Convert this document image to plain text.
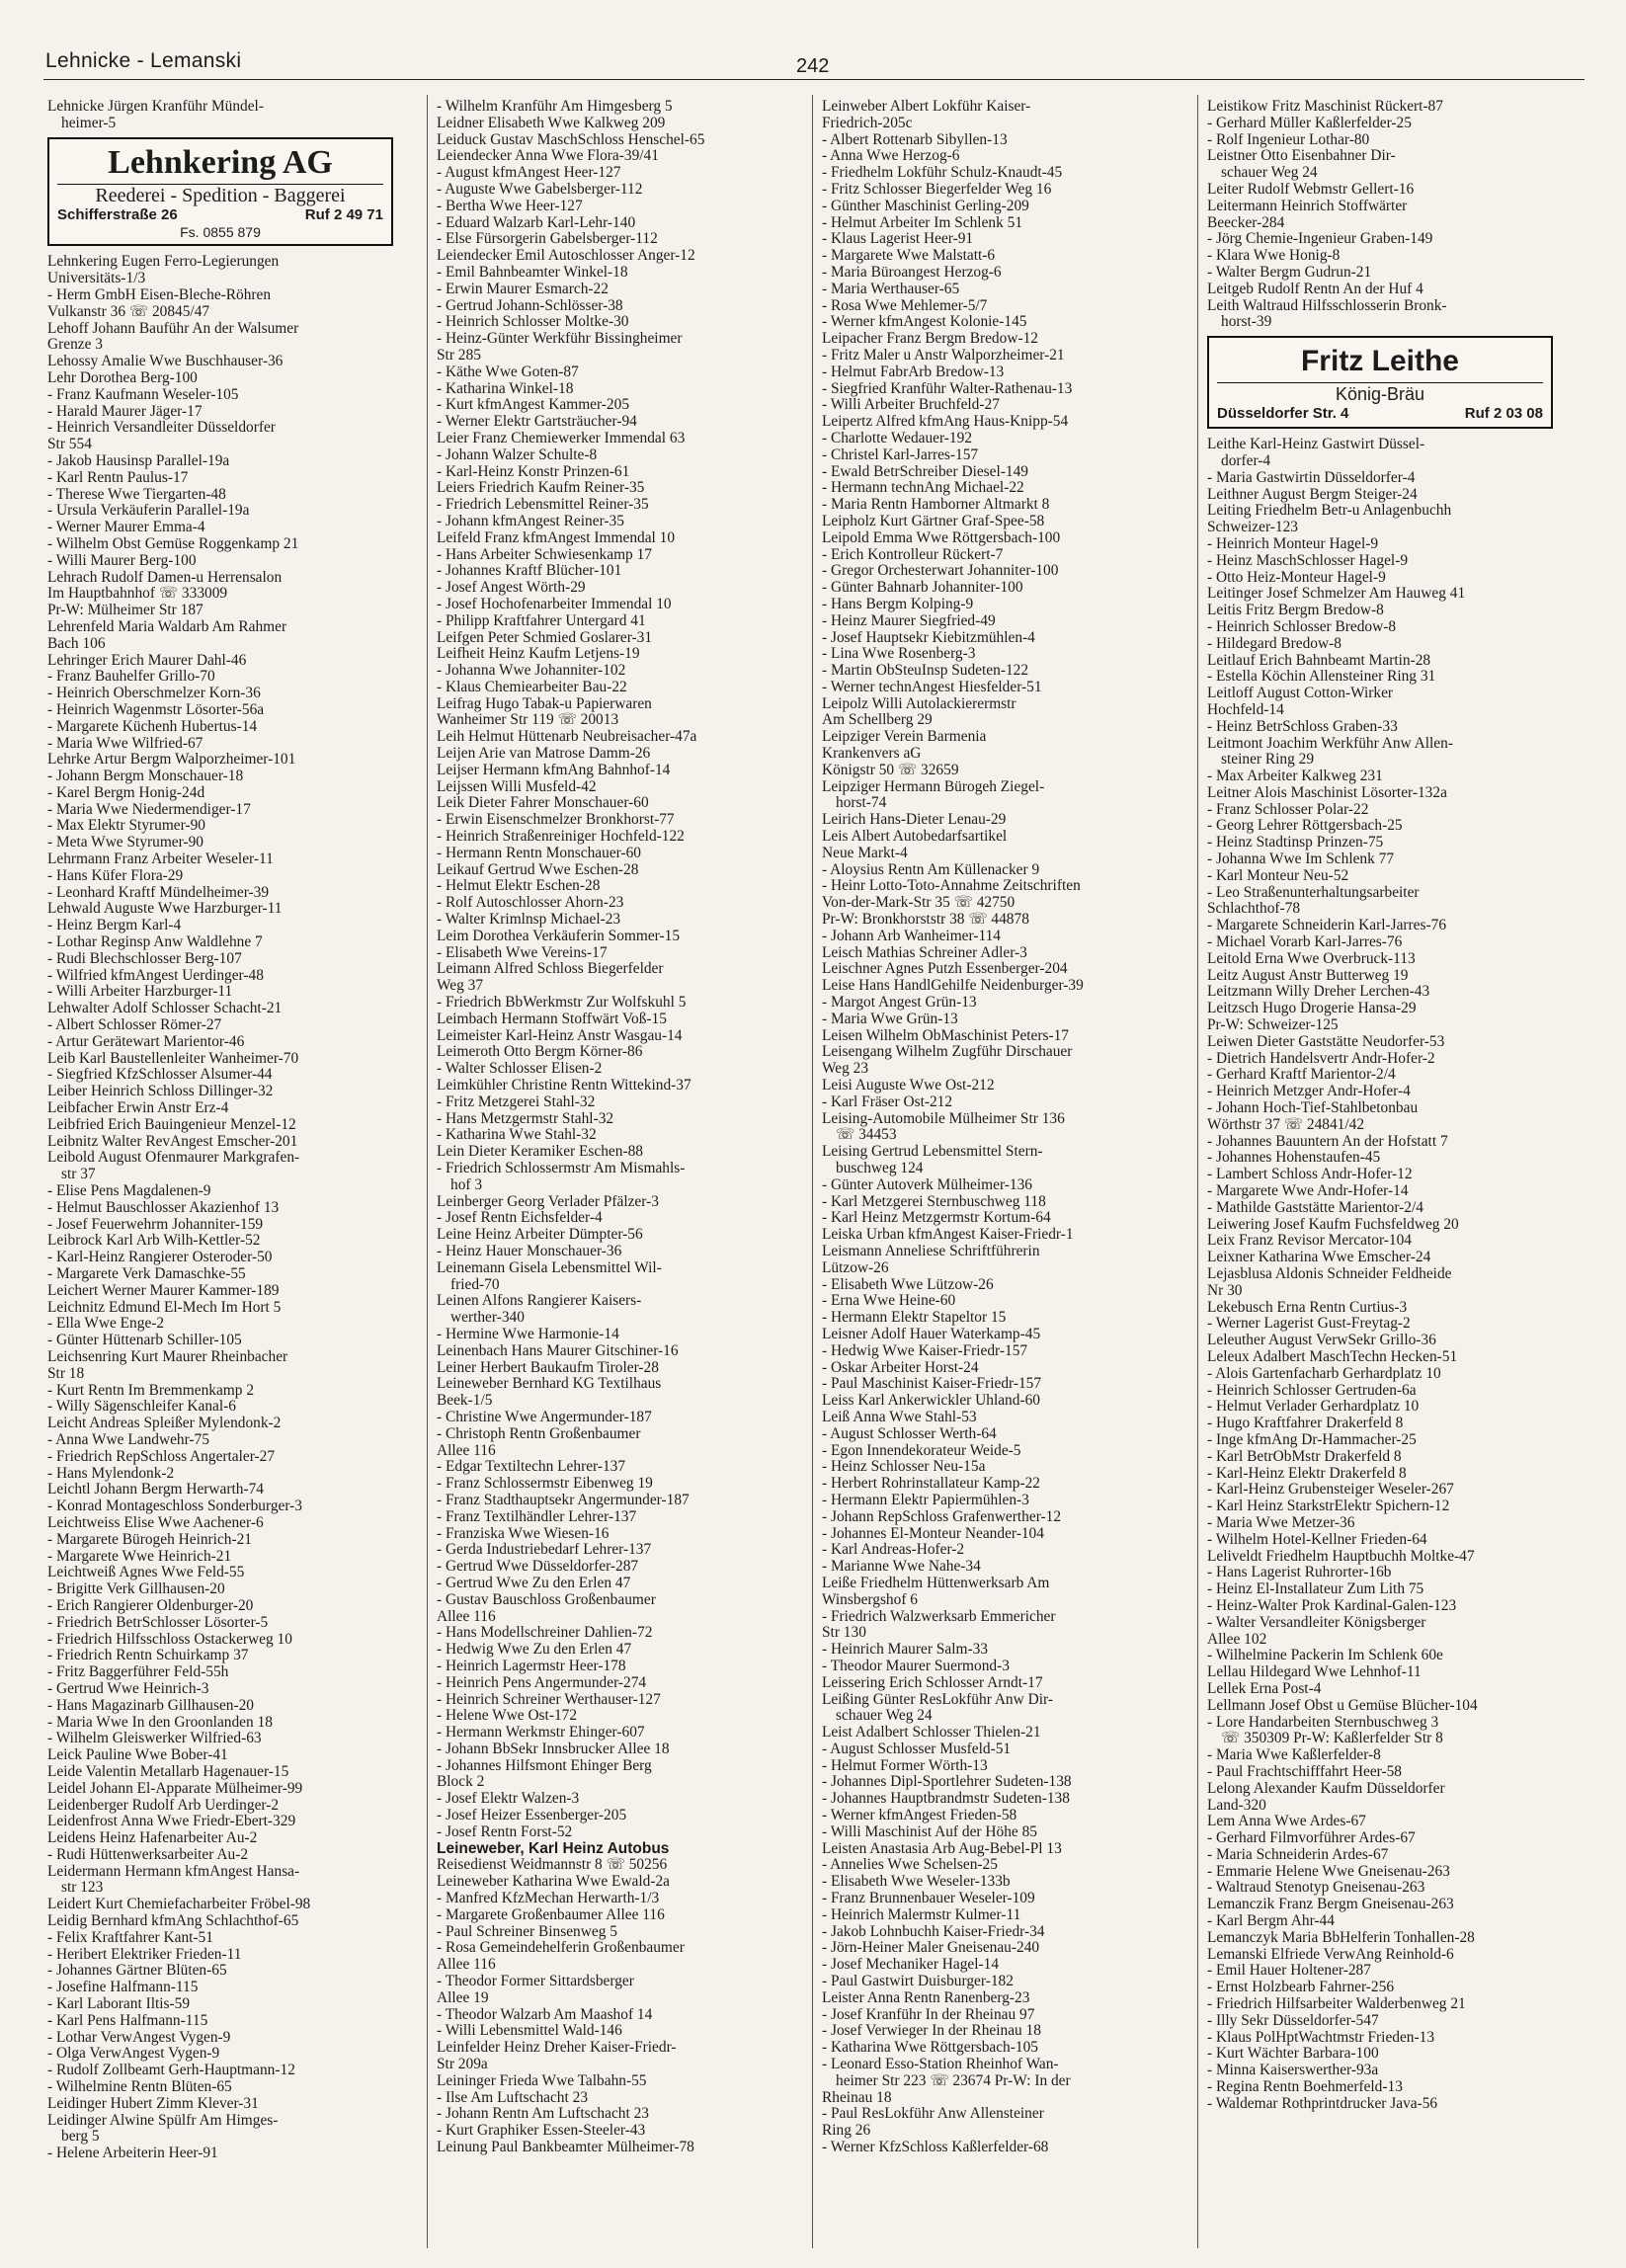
Lehnicke - Lemanski	242
Lehnicke Jürgen Kranführ Mündel-
heimer-5
Lehnkering AG
Reederei - Spedition - Baggerei
Schifferstraße 26	Ruf 2 49 71
Fs. 0855 879
Lehnkering Eugen Ferro-Legierungen
Universitäts-1/3
- Herm GmbH Eisen-Bleche-Röhren
Vulkanstr 36 ☏ 20845/47
Lehoff Johann Bauführ An der Walsumer
Grenze 3
Lehossy Amalie Wwe Buschhauser-36
Lehr Dorothea Berg-100
- Franz Kaufmann Weseler-105
- Harald Maurer Jäger-17
- Heinrich Versandleiter Düsseldorfer
Str 554
- Jakob Hausinsp Parallel-19a
- Karl Rentn Paulus-17
- Therese Wwe Tiergarten-48
- Ursula Verkäuferin Parallel-19a
- Werner Maurer Emma-4
- Wilhelm Obst Gemüse Roggenkamp 21
- Willi Maurer Berg-100
Lehrach Rudolf Damen-u Herrensalon
Im Hauptbahnhof ☏ 333009
Pr-W: Mülheimer Str 187
Lehrenfeld Maria Waldarb Am Rahmer
Bach 106
Lehringer Erich Maurer Dahl-46
- Franz Bauhelfer Grillo-70
- Heinrich Oberschmelzer Korn-36
- Heinrich Wagenmstr Lösorter-56a
- Margarete Küchenh Hubertus-14
- Maria Wwe Wilfried-67
Lehrke Artur Bergm Walporzheimer-101
- Johann Bergm Monschauer-18
- Karel Bergm Honig-24d
- Maria Wwe Niedermendiger-17
- Max Elektr Styrumer-90
- Meta Wwe Styrumer-90
Lehrmann Franz Arbeiter Weseler-11
- Hans Küfer Flora-29
- Leonhard Kraftf Mündelheimer-39
Lehwald Auguste Wwe Harzburger-11
- Heinz Bergm Karl-4
- Lothar Reginsp Anw Waldlehne 7
- Rudi Blechschlosser Berg-107
- Wilfried kfmAngest Uerdinger-48
- Willi Arbeiter Harzburger-11
Lehwalter Adolf Schlosser Schacht-21
- Albert Schlosser Römer-27
- Artur Gerätewart Marientor-46
Leib Karl Baustellenleiter Wanheimer-70
- Siegfried KfzSchlosser Alsumer-44
Leiber Heinrich Schloss Dillinger-32
Leibfacher Erwin Anstr Erz-4
Leibfried Erich Bauingenieur Menzel-12
Leibnitz Walter RevAngest Emscher-201
Leibold August Ofenmaurer Markgrafen-
str 37
- Elise Pens Magdalenen-9
- Helmut Bauschlosser Akazienhof 13
- Josef Feuerwehrm Johanniter-159
Leibrock Karl Arb Wilh-Kettler-52
- Karl-Heinz Rangierer Osteroder-50
- Margarete Verk Damaschke-55
Leichert Werner Maurer Kammer-189
Leichnitz Edmund El-Mech Im Hort 5
- Ella Wwe Enge-2
- Günter Hüttenarb Schiller-105
Leichsenring Kurt Maurer Rheinbacher
Str 18
- Kurt Rentn Im Bremmenkamp 2
- Willy Sägenschleifer Kanal-6
Leicht Andreas Spleißer Mylendonk-2
- Anna Wwe Landwehr-75
- Friedrich RepSchloss Angertaler-27
- Hans Mylendonk-2
Leichtl Johann Bergm Herwarth-74
- Konrad Montageschloss Sonderburger-3
Leichtweiss Elise Wwe Aachener-6
- Margarete Bürogeh Heinrich-21
- Margarete Wwe Heinrich-21
Leichtweiß Agnes Wwe Feld-55
- Brigitte Verk Gillhausen-20
- Erich Rangierer Oldenburger-20
- Friedrich BetrSchlosser Lösorter-5
- Friedrich Hilfsschloss Ostackerweg 10
- Friedrich Rentn Schuirkamp 37
- Fritz Baggerführer Feld-55h
- Gertrud Wwe Heinrich-3
- Hans Magazinarb Gillhausen-20
- Maria Wwe In den Groonlanden 18
- Wilhelm Gleiswerker Wilfried-63
Leick Pauline Wwe Bober-41
Leide Valentin Metallarb Hagenauer-15
Leidel Johann El-Apparate Mülheimer-99
Leidenberger Rudolf Arb Uerdinger-2
Leidenfrost Anna Wwe Friedr-Ebert-329
Leidens Heinz Hafenarbeiter Au-2
- Rudi Hüttenwerksarbeiter Au-2
Leidermann Hermann kfmAngest Hansa-
str 123
Leidert Kurt Chemiefacharbeiter Fröbel-98
Leidig Bernhard kfmAng Schlachthof-65
- Felix Kraftfahrer Kant-51
- Heribert Elektriker Frieden-11
- Johannes Gärtner Blüten-65
- Josefine Halfmann-115
- Karl Laborant Iltis-59
- Karl Pens Halfmann-115
- Lothar VerwAngest Vygen-9
- Olga VerwAngest Vygen-9
- Rudolf Zollbeamt Gerh-Hauptmann-12
- Wilhelmine Rentn Blüten-65
Leidinger Hubert Zimm Klever-31
Leidinger Alwine Spülfr Am Himges-
berg 5
- Helene Arbeiterin Heer-91
- Wilhelm Kranführ Am Himgesberg 5
Leidner Elisabeth Wwe Kalkweg 209
Leiduck Gustav MaschSchloss Henschel-65
Leiendecker Anna Wwe Flora-39/41
- August kfmAngest Heer-127
- Auguste Wwe Gabelsberger-112
- Bertha Wwe Heer-127
- Eduard Walzarb Karl-Lehr-140
- Else Fürsorgerin Gabelsberger-112
Leiendecker Emil Autoschlosser Anger-12
- Emil Bahnbeamter Winkel-18
- Erwin Maurer Esmarch-22
- Gertrud Johann-Schlösser-38
- Heinrich Schlosser Moltke-30
- Heinz-Günter Werkführ Bissingheimer
Str 285
- Käthe Wwe Goten-87
- Katharina Winkel-18
- Kurt kfmAngest Kammer-205
- Werner Elektr Gartsträucher-94
Leier Franz Chemiewerker Immendal 63
- Johann Walzer Schulte-8
- Karl-Heinz Konstr Prinzen-61
Leiers Friedrich Kaufm Reiner-35
- Friedrich Lebensmittel Reiner-35
- Johann kfmAngest Reiner-35
Leifeld Franz kfmAngest Immendal 10
- Hans Arbeiter Schwiesenkamp 17
- Johannes Kraftf Blücher-101
- Josef Angest Wörth-29
- Josef Hochofenarbeiter Immendal 10
- Philipp Kraftfahrer Untergard 41
Leifgen Peter Schmied Goslarer-31
Leifheit Heinz Kaufm Letjens-19
- Johanna Wwe Johanniter-102
- Klaus Chemiearbeiter Bau-22
Leifrag Hugo Tabak-u Papierwaren
Wanheimer Str 119 ☏ 20013
Leih Helmut Hüttenarb Neubreisacher-47a
Leijen Arie van Matrose Damm-26
Leijser Hermann kfmAng Bahnhof-14
Leijssen Willi Musfeld-42
Leik Dieter Fahrer Monschauer-60
- Erwin Eisenschmelzer Bronkhorst-77
- Heinrich Straßenreiniger Hochfeld-122
- Hermann Rentn Monschauer-60
Leikauf Gertrud Wwe Eschen-28
- Helmut Elektr Eschen-28
- Rolf Autoschlosser Ahorn-23
- Walter Krimlnsp Michael-23
Leim Dorothea Verkäuferin Sommer-15
- Elisabeth Wwe Vereins-17
Leimann Alfred Schloss Biegerfelder
Weg 37
- Friedrich BbWerkmstr Zur Wolfskuhl 5
Leimbach Hermann Stoffwärt Voß-15
Leimeister Karl-Heinz Anstr Wasgau-14
Leimeroth Otto Bergm Körner-86
- Walter Schlosser Elisen-2
Leimkühler Christine Rentn Wittekind-37
- Fritz Metzgerei Stahl-32
- Hans Metzgermstr Stahl-32
- Katharina Wwe Stahl-32
Lein Dieter Keramiker Eschen-88
- Friedrich Schlossermstr Am Mismahls-
hof 3
Leinberger Georg Verlader Pfälzer-3
- Josef Rentn Eichsfelder-4
Leine Heinz Arbeiter Dümpter-56
- Heinz Hauer Monschauer-36
Leinemann Gisela Lebensmittel Wil-
fried-70
Leinen Alfons Rangierer Kaisers-
werther-340
- Hermine Wwe Harmonie-14
Leinenbach Hans Maurer Gitschiner-16
Leiner Herbert Baukaufm Tiroler-28
Leineweber Bernhard KG Textilhaus
Beek-1/5
- Christine Wwe Angermunder-187
- Christoph Rentn Großenbaumer
Allee 116
- Edgar Textiltechn Lehrer-137
- Franz Schlossermstr Eibenweg 19
- Franz Stadthauptsekr Angermunder-187
- Franz Textilhändler Lehrer-137
- Franziska Wwe Wiesen-16
- Gerda Industriebedarf Lehrer-137
- Gertrud Wwe Düsseldorfer-287
- Gertrud Wwe Zu den Erlen 47
- Gustav Bauschloss Großenbaumer
Allee 116
- Hans Modellschreiner Dahlien-72
- Hedwig Wwe Zu den Erlen 47
- Heinrich Lagermstr Heer-178
- Heinrich Pens Angermunder-274
- Heinrich Schreiner Werthauser-127
- Helene Wwe Ost-172
- Hermann Werkmstr Ehinger-607
- Johann BbSekr Innsbrucker Allee 18
- Johannes Hilfsmont Ehinger Berg
Block 2
- Josef Elektr Walzen-3
- Josef Heizer Essenberger-205
- Josef Rentn Forst-52
Leineweber, Karl Heinz Autobus
Reisedienst Weidmannstr 8 ☏ 50256
Leineweber Katharina Wwe Ewald-2a
- Manfred KfzMechan Herwarth-1/3
- Margarete Großenbaumer Allee 116
- Paul Schreiner Binsenweg 5
- Rosa Gemeindehelferin Großenbaumer
Allee 116
- Theodor Former Sittardsberger
Allee 19
- Theodor Walzarb Am Maashof 14
- Willi Lebensmittel Wald-146
Leinfelder Heinz Dreher Kaiser-Friedr-
Str 209a
Leininger Frieda Wwe Talbahn-55
- Ilse Am Luftschacht 23
- Johann Rentn Am Luftschacht 23
- Kurt Graphiker Essen-Steeler-43
Leinung Paul Bankbeamter Mülheimer-78
Leinweber Albert Lokführ Kaiser-
Friedrich-205c
- Albert Rottenarb Sibyllen-13
- Anna Wwe Herzog-6
- Friedhelm Lokführ Schulz-Knaudt-45
- Fritz Schlosser Biegerfelder Weg 16
- Günther Maschinist Gerling-209
- Helmut Arbeiter Im Schlenk 51
- Klaus Lagerist Heer-91
- Margarete Wwe Malstatt-6
- Maria Büroangest Herzog-6
- Maria Werthauser-65
- Rosa Wwe Mehlemer-5/7
- Werner kfmAngest Kolonie-145
Leipacher Franz Bergm Bredow-12
- Fritz Maler u Anstr Walporzheimer-21
- Helmut FabrArb Bredow-13
- Siegfried Kranführ Walter-Rathenau-13
- Willi Arbeiter Bruchfeld-27
Leipertz Alfred kfmAng Haus-Knipp-54
- Charlotte Wedauer-192
- Christel Karl-Jarres-157
- Ewald BetrSchreiber Diesel-149
- Hermann technAng Michael-22
- Maria Rentn Hamborner Altmarkt 8
Leipholz Kurt Gärtner Graf-Spee-58
Leipold Emma Wwe Röttgersbach-100
- Erich Kontrolleur Rückert-7
- Gregor Orchesterwart Johanniter-100
- Günter Bahnarb Johanniter-100
- Hans Bergm Kolping-9
- Heinz Maurer Siegfried-49
- Josef Hauptsekr Kiebitzmühlen-4
- Lina Wwe Rosenberg-3
- Martin ObSteuInsp Sudeten-122
- Werner technAngest Hiesfelder-51
Leipolz Willi Autolackierermstr
Am Schellberg 29
Leipziger Verein Barmenia
Krankenvers aG
Königstr 50 ☏ 32659
Leipziger Hermann Bürogeh Ziegel-
horst-74
Leirich Hans-Dieter Lenau-29
Leis Albert Autobedarfsartikel
Neue Markt-4
- Aloysius Rentn Am Küllenacker 9
- Heinr Lotto-Toto-Annahme Zeitschriften
Von-der-Mark-Str 35 ☏ 42750
Pr-W: Bronkhorststr 38 ☏ 44878
- Johann Arb Wanheimer-114
Leisch Mathias Schreiner Adler-3
Leischner Agnes Putzh Essenberger-204
Leise Hans HandlGehilfe Neidenburger-39
- Margot Angest Grün-13
- Maria Wwe Grün-13
Leisen Wilhelm ObMaschinist Peters-17
Leisengang Wilhelm Zugführ Dirschauer
Weg 23
Leisi Auguste Wwe Ost-212
- Karl Fräser Ost-212
Leising-Automobile Mülheimer Str 136
☏ 34453
Leising Gertrud Lebensmittel Stern-
buschweg 124
- Günter Autoverk Mülheimer-136
- Karl Metzgerei Sternbuschweg 118
- Karl Heinz Metzgermstr Kortum-64
Leiska Urban kfmAngest Kaiser-Friedr-1
Leismann Anneliese Schriftführerin
Lützow-26
- Elisabeth Wwe Lützow-26
- Erna Wwe Heine-60
- Hermann Elektr Stapeltor 15
Leisner Adolf Hauer Waterkamp-45
- Hedwig Wwe Kaiser-Friedr-157
- Oskar Arbeiter Horst-24
- Paul Maschinist Kaiser-Friedr-157
Leiss Karl Ankerwickler Uhland-60
Leiß Anna Wwe Stahl-53
- August Schlosser Werth-64
- Egon Innendekorateur Weide-5
- Heinz Schlosser Neu-15a
- Herbert Rohrinstallateur Kamp-22
- Hermann Elektr Papiermühlen-3
- Johann RepSchloss Grafenwerther-12
- Johannes El-Monteur Neander-104
- Karl Andreas-Hofer-2
- Marianne Wwe Nahe-34
Leiße Friedhelm Hüttenwerksarb Am
Winsbergshof 6
- Friedrich Walzwerksarb Emmericher
Str 130
- Heinrich Maurer Salm-33
- Theodor Maurer Suermond-3
Leissering Erich Schlosser Arndt-17
Leißing Günter ResLokführ Anw Dir-
schauer Weg 24
Leist Adalbert Schlosser Thielen-21
- August Schlosser Musfeld-51
- Helmut Former Wörth-13
- Johannes Dipl-Sportlehrer Sudeten-138
- Johannes Hauptbrandmstr Sudeten-138
- Werner kfmAngest Frieden-58
- Willi Maschinist Auf der Höhe 85
Leisten Anastasia Arb Aug-Bebel-Pl 13
- Annelies Wwe Schelsen-25
- Elisabeth Wwe Weseler-133b
- Franz Brunnenbauer Weseler-109
- Heinrich Malermstr Kulmer-11
- Jakob Lohnbuchh Kaiser-Friedr-34
- Jörn-Heiner Maler Gneisenau-240
- Josef Mechaniker Hagel-14
- Paul Gastwirt Duisburger-182
Leister Anna Rentn Ranenberg-23
- Josef Kranführ In der Rheinau 97
- Josef Verwieger In der Rheinau 18
- Katharina Wwe Röttgersbach-105
- Leonard Esso-Station Rheinhof Wan-
heimer Str 223 ☏ 23674 Pr-W: In der
Rheinau 18
- Paul ResLokführ Anw Allensteiner
Ring 26
- Werner KfzSchloss Kaßlerfelder-68
Leistikow Fritz Maschinist Rückert-87
- Gerhard Müller Kaßlerfelder-25
- Rolf Ingenieur Lothar-80
Leistner Otto Eisenbahner Dir-
schauer Weg 24
Leiter Rudolf Webmstr Gellert-16
Leitermann Heinrich Stoffwärter
Beecker-284
- Jörg Chemie-Ingenieur Graben-149
- Klara Wwe Honig-8
- Walter Bergm Gudrun-21
Leitgeb Rudolf Rentn An der Huf 4
Leith Waltraud Hilfsschlosserin Bronk-
horst-39
Fritz Leithe
König-Bräu
Düsseldorfer Str. 4	Ruf 2 03 08
Leithe Karl-Heinz Gastwirt Düssel-
dorfer-4
- Maria Gastwirtin Düsseldorfer-4
Leithner August Bergm Steiger-24
Leiting Friedhelm Betr-u Anlagenbuchh
Schweizer-123
- Heinrich Monteur Hagel-9
- Heinz MaschSchlosser Hagel-9
- Otto Heiz-Monteur Hagel-9
Leitinger Josef Schmelzer Am Hauweg 41
Leitis Fritz Bergm Bredow-8
- Heinrich Schlosser Bredow-8
- Hildegard Bredow-8
Leitlauf Erich Bahnbeamt Martin-28
- Estella Köchin Allensteiner Ring 31
Leitloff August Cotton-Wirker
Hochfeld-14
- Heinz BetrSchloss Graben-33
Leitmont Joachim Werkführ Anw Allen-
steiner Ring 29
- Max Arbeiter Kalkweg 231
Leitner Alois Maschinist Lösorter-132a
- Franz Schlosser Polar-22
- Georg Lehrer Röttgersbach-25
- Heinz Stadtinsp Prinzen-75
- Johanna Wwe Im Schlenk 77
- Karl Monteur Neu-52
- Leo Straßenunterhaltungsarbeiter
Schlachthof-78
- Margarete Schneiderin Karl-Jarres-76
- Michael Vorarb Karl-Jarres-76
Leitold Erna Wwe Overbruck-113
Leitz August Anstr Butterweg 19
Leitzmann Willy Dreher Lerchen-43
Leitzsch Hugo Drogerie Hansa-29
Pr-W: Schweizer-125
Leiwen Dieter Gaststätte Neudorfer-53
- Dietrich Handelsvertr Andr-Hofer-2
- Gerhard Kraftf Marientor-2/4
- Heinrich Metzger Andr-Hofer-4
- Johann Hoch-Tief-Stahlbetonbau
Wörthstr 37 ☏ 24841/42
- Johannes Bauuntern An der Hofstatt 7
- Johannes Hohenstaufen-45
- Lambert Schloss Andr-Hofer-12
- Margarete Wwe Andr-Hofer-14
- Mathilde Gaststätte Marientor-2/4
Leiwering Josef Kaufm Fuchsfeldweg 20
Leix Franz Revisor Mercator-104
Leixner Katharina Wwe Emscher-24
Lejasblusa Aldonis Schneider Feldheide
Nr 30
Lekebusch Erna Rentn Curtius-3
- Werner Lagerist Gust-Freytag-2
Leleuther August VerwSekr Grillo-36
Leleux Adalbert MaschTechn Hecken-51
- Alois Gartenfacharb Gerhardplatz 10
- Heinrich Schlosser Gertruden-6a
- Helmut Verlader Gerhardplatz 10
- Hugo Kraftfahrer Drakerfeld 8
- Inge kfmAng Dr-Hammacher-25
- Karl BetrObMstr Drakerfeld 8
- Karl-Heinz Elektr Drakerfeld 8
- Karl-Heinz Grubensteiger Weseler-267
- Karl Heinz StarkstrElektr Spichern-12
- Maria Wwe Metzer-36
- Wilhelm Hotel-Kellner Frieden-64
Leliveldt Friedhelm Hauptbuchh Moltke-47
- Hans Lagerist Ruhrorter-16b
- Heinz El-Installateur Zum Lith 75
- Heinz-Walter Prok Kardinal-Galen-123
- Walter Versandleiter Königsberger
Allee 102
- Wilhelmine Packerin Im Schlenk 60e
Lellau Hildegard Wwe Lehnhof-11
Lellek Erna Post-4
Lellmann Josef Obst u Gemüse Blücher-104
- Lore Handarbeiten Sternbuschweg 3
☏ 350309 Pr-W: Kaßlerfelder Str 8
- Maria Wwe Kaßlerfelder-8
- Paul Frachtschifffahrt Heer-58
Lelong Alexander Kaufm Düsseldorfer
Land-320
Lem Anna Wwe Ardes-67
- Gerhard Filmvorführer Ardes-67
- Maria Schneiderin Ardes-67
- Emmarie Helene Wwe Gneisenau-263
- Waltraud Stenotyp Gneisenau-263
Lemanczik Franz Bergm Gneisenau-263
- Karl Bergm Ahr-44
Lemanczyk Maria BbHelferin Tonhallen-28
Lemanski Elfriede VerwAng Reinhold-6
- Emil Hauer Holtener-287
- Ernst Holzbearb Fahrner-256
- Friedrich Hilfsarbeiter Walderbenweg 21
- Illy Sekr Düsseldorfer-547
- Klaus PolHptWachtmstr Frieden-13
- Kurt Wächter Barbara-100
- Minna Kaiserswerther-93a
- Regina Rentn Boehmerfeld-13
- Waldemar Rothprintdrucker Java-56
